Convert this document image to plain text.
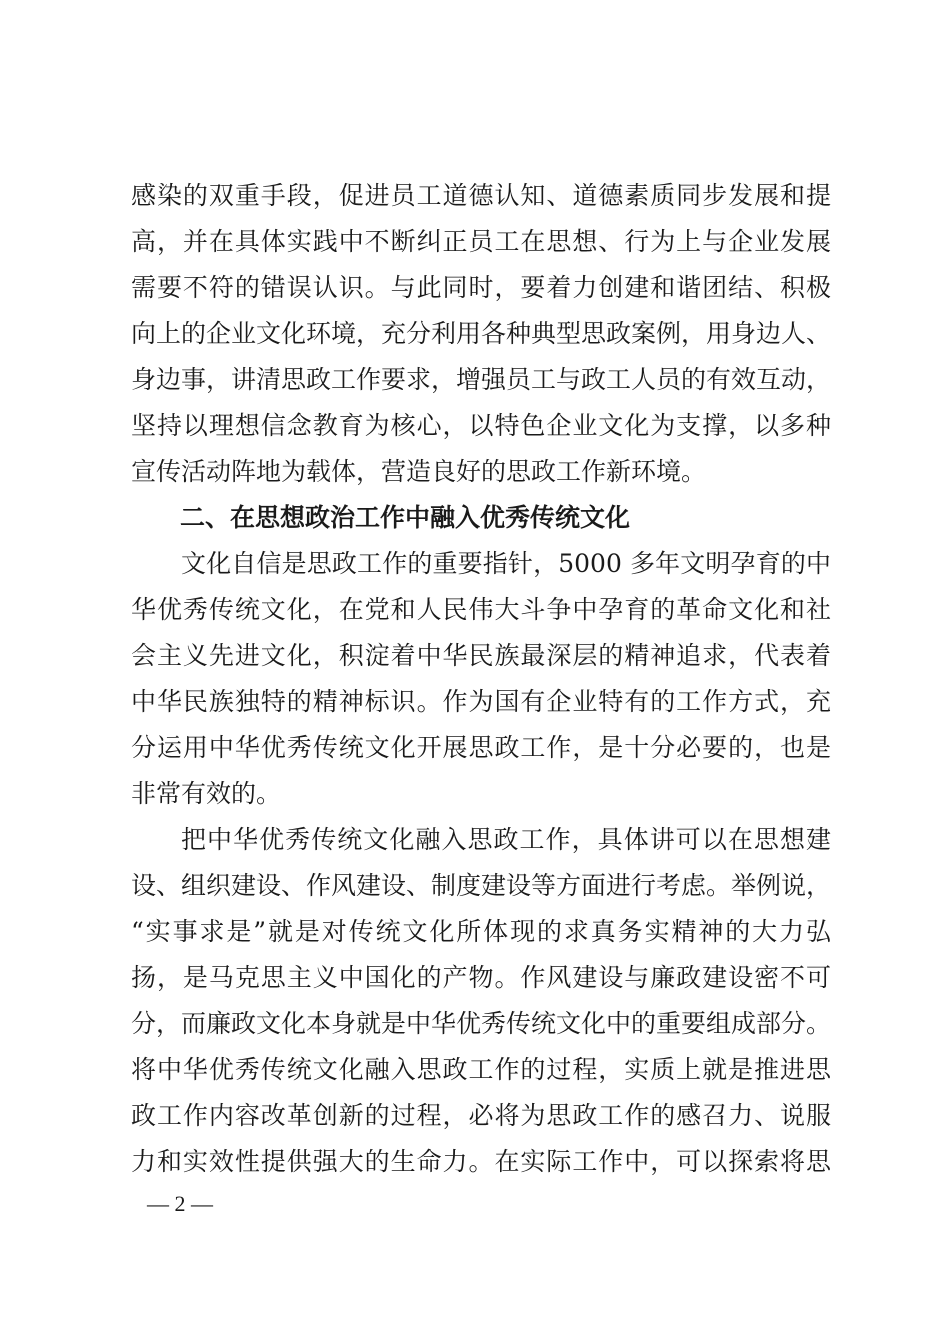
感染的双重手段，促进员工道德认知、道德素质同步发展和提
高，并在具体实践中不断纠正员工在思想、行为上与企业发展
需要不符的错误认识。与此同时，要着力创建和谐团结、积极
向上的企业文化环境，充分利用各种典型思政案例，用身边人、
身边事，讲清思政工作要求，增强员工与政工人员的有效互动，
坚持以理想信念教育为核心，以特色企业文化为支撑，以多种
宣传活动阵地为载体，营造良好的思政工作新环境。
二、在思想政治工作中融入优秀传统文化
文化自信是思政工作的重要指针，5000 多年文明孕育的中
华优秀传统文化，在党和人民伟大斗争中孕育的革命文化和社
会主义先进文化，积淀着中华民族最深层的精神追求，代表着
中华民族独特的精神标识。作为国有企业特有的工作方式，充
分运用中华优秀传统文化开展思政工作，是十分必要的，也是
非常有效的。
把中华优秀传统文化融入思政工作，具体讲可以在思想建
设、组织建设、作风建设、制度建设等方面进行考虑。举例说，
“实事求是”就是对传统文化所体现的求真务实精神的大力弘
扬，是马克思主义中国化的产物。作风建设与廉政建设密不可
分，而廉政文化本身就是中华优秀传统文化中的重要组成部分。
将中华优秀传统文化融入思政工作的过程，实质上就是推进思
政工作内容改革创新的过程，必将为思政工作的感召力、说服
力和实效性提供强大的生命力。在实际工作中，可以探索将思
— 2 —
